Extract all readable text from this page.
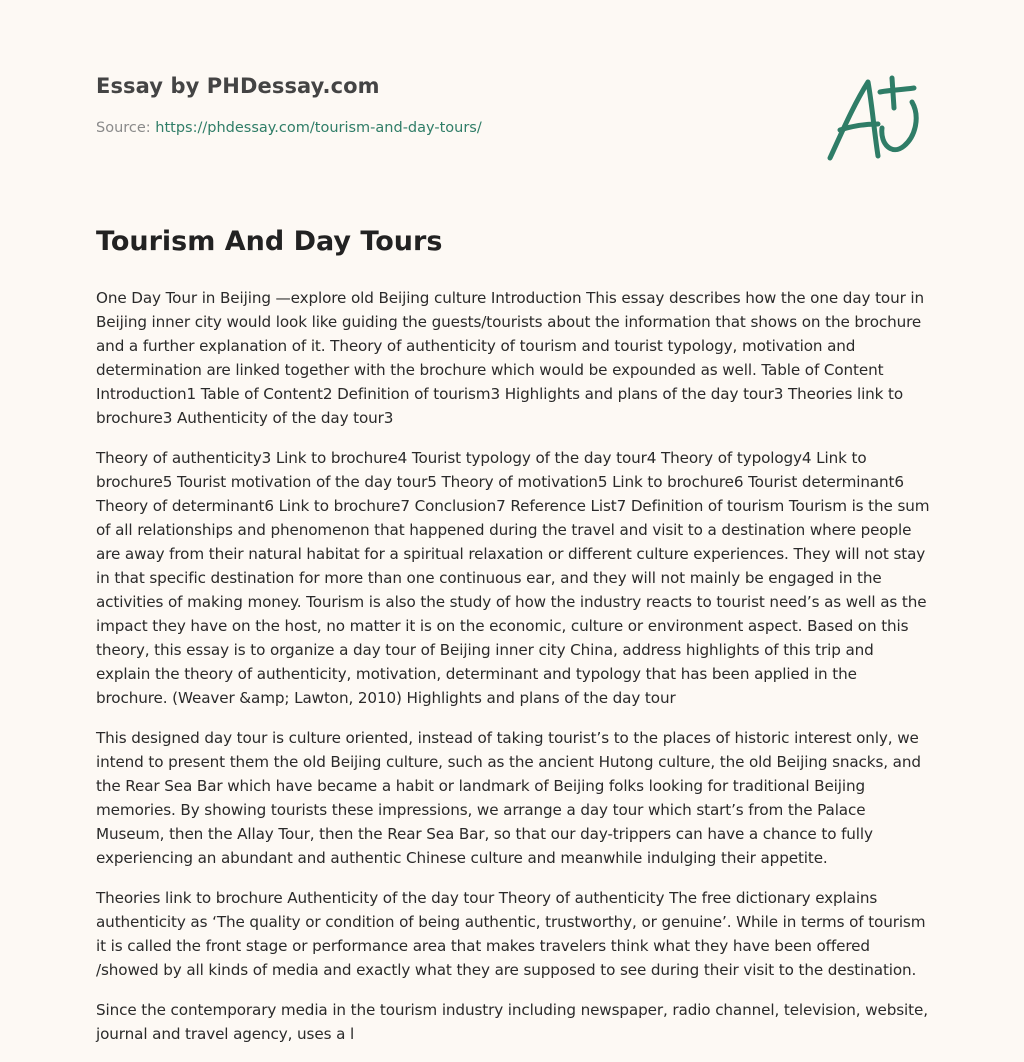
Essay by PHDessay.com
Source: https://phdessay.com/tourism-and-day-tours/
Tourism And Day Tours

One Day Tour in Beijing —explore old Beijing culture Introduction This essay describes how the one day tour in Beijing inner city would look like guiding the guests/tourists about the information that shows on the brochure and a further explanation of it. Theory of authenticity of tourism and tourist typology, motivation and determination are linked together with the brochure which would be expounded as well. Table of Content Introduction1 Table of Content2 Definition of tourism3 Highlights and plans of the day tour3 Theories link to brochure3 Authenticity of the day tour3

Theory of authenticity3 Link to brochure4 Tourist typology of the day tour4 Theory of typology4 Link to brochure5 Tourist motivation of the day tour5 Theory of motivation5 Link to brochure6 Tourist determinant6 Theory of determinant6 Link to brochure7 Conclusion7 Reference List7 Definition of tourism Tourism is the sum of all relationships and phenomenon that happened during the travel and visit to a destination where people are away from their natural habitat for a spiritual relaxation or different culture experiences. They will not stay in that specific destination for more than one continuous ear, and they will not mainly be engaged in the activities of making money. Tourism is also the study of how the industry reacts to tourist need’s as well as the impact they have on the host, no matter it is on the economic, culture or environment aspect. Based on this theory, this essay is to organize a day tour of Beijing inner city China, address highlights of this trip and explain the theory of authenticity, motivation, determinant and typology that has been applied in the brochure. (Weaver &amp; Lawton, 2010) Highlights and plans of the day tour

This designed day tour is culture oriented, instead of taking tourist’s to the places of historic interest only, we intend to present them the old Beijing culture, such as the ancient Hutong culture, the old Beijing snacks, and the Rear Sea Bar which have became a habit or landmark of Beijing folks looking for traditional Beijing memories. By showing tourists these impressions, we arrange a day tour which start’s from the Palace Museum, then the Allay Tour, then the Rear Sea Bar, so that our day-trippers can have a chance to fully experiencing an abundant and authentic Chinese culture and meanwhile indulging their appetite.

Theories link to brochure Authenticity of the day tour Theory of authenticity The free dictionary explains authenticity as ‘The quality or condition of being authentic, trustworthy, or genuine’. While in terms of tourism it is called the front stage or performance area that makes travelers think what they have been offered /showed by all kinds of media and exactly what they are supposed to see during their visit to the destination.

Since the contemporary media in the tourism industry including newspaper, radio channel, television, website, journal and travel agency, uses a l
